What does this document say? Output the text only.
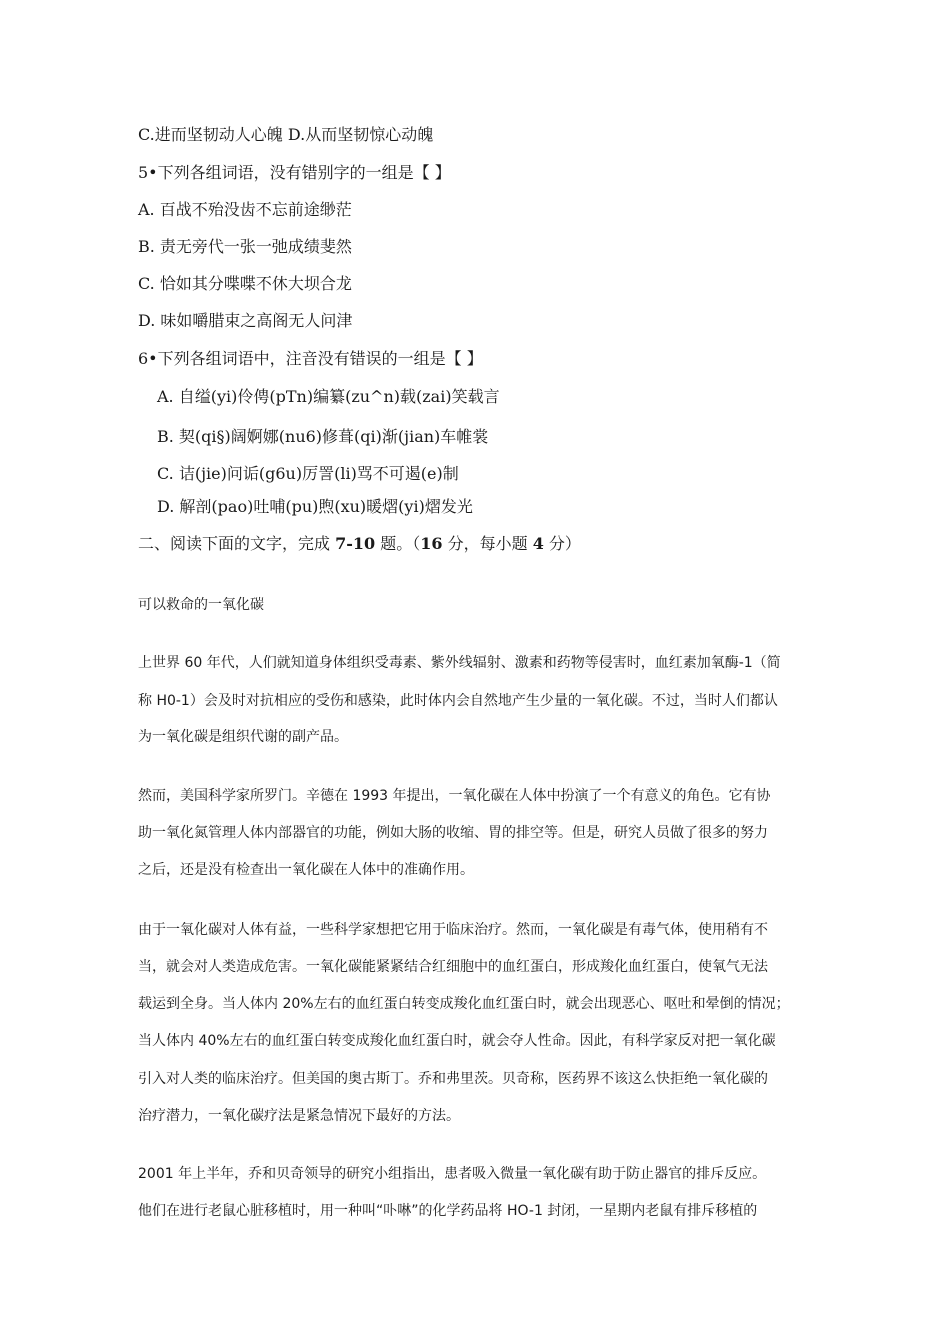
C.进而坚韧动人心魄 D.从而坚韧惊心动魄
5•下列各组词语，没有错别字的一组是【 】
A. 百战不殆没齿不忘前途缈茫
B. 责无旁代一张一弛成绩斐然
C. 恰如其分喋喋不休大坝合龙
D. 味如嚼腊束之高阁无人问津
6•下列各组词语中，注音没有错误的一组是【 】
A. 自缢(yi)伶俜(pTn)编纂(zu^n)载(zai)笑载言
B. 契(qi§)阔婀娜(nu6)修葺(qi)渐(jian)车帷裳
C. 诘(jie)问诟(g6u)厉詈(li)骂不可遏(e)制
D. 解剖(pao)吐哺(pu)煦(xu)暖熠(yi)熠发光
二、阅读下面的文字，完成 7-10 题。（16 分，每小题 4 分）
可以救命的一氧化碳
上世界 60 年代，人们就知道身体组织受毒素、紫外线辐射、激素和药物等侵害时，血红素加氧酶-1（简
称 H0-1）会及时对抗相应的受伤和感染，此时体内会自然地产生少量的一氧化碳。不过，当时人们都认
为一氧化碳是组织代谢的副产品。
然而，美国科学家所罗门。辛德在 1993 年提出，一氧化碳在人体中扮演了一个有意义的角色。它有协
助一氧化氮管理人体内部器官的功能，例如大肠的收缩、胃的排空等。但是，研究人员做了很多的努力
之后，还是没有检查出一氧化碳在人体中的准确作用。
由于一氧化碳对人体有益，一些科学家想把它用于临床治疗。然而，一氧化碳是有毒气体，使用稍有不
当，就会对人类造成危害。一氧化碳能紧紧结合红细胞中的血红蛋白，形成羧化血红蛋白，使氧气无法
载运到全身。当人体内 20%左右的血红蛋白转变成羧化血红蛋白时，就会出现恶心、呕吐和晕倒的情况；
当人体内 40%左右的血红蛋白转变成羧化血红蛋白时，就会夺人性命。因此，有科学家反对把一氧化碳
引入对人类的临床治疗。但美国的奥古斯丁。乔和弗里茨。贝奇称，医药界不该这么快拒绝一氧化碳的
治疗潜力，一氧化碳疗法是紧急情况下最好的方法。
2001 年上半年，乔和贝奇领导的研究小组指出，患者吸入微量一氧化碳有助于防止器官的排斥反应。
他们在进行老鼠心脏移植时，用一种叫“卟啉”的化学药品将 HO-1 封闭，一星期内老鼠有排斥移植的
